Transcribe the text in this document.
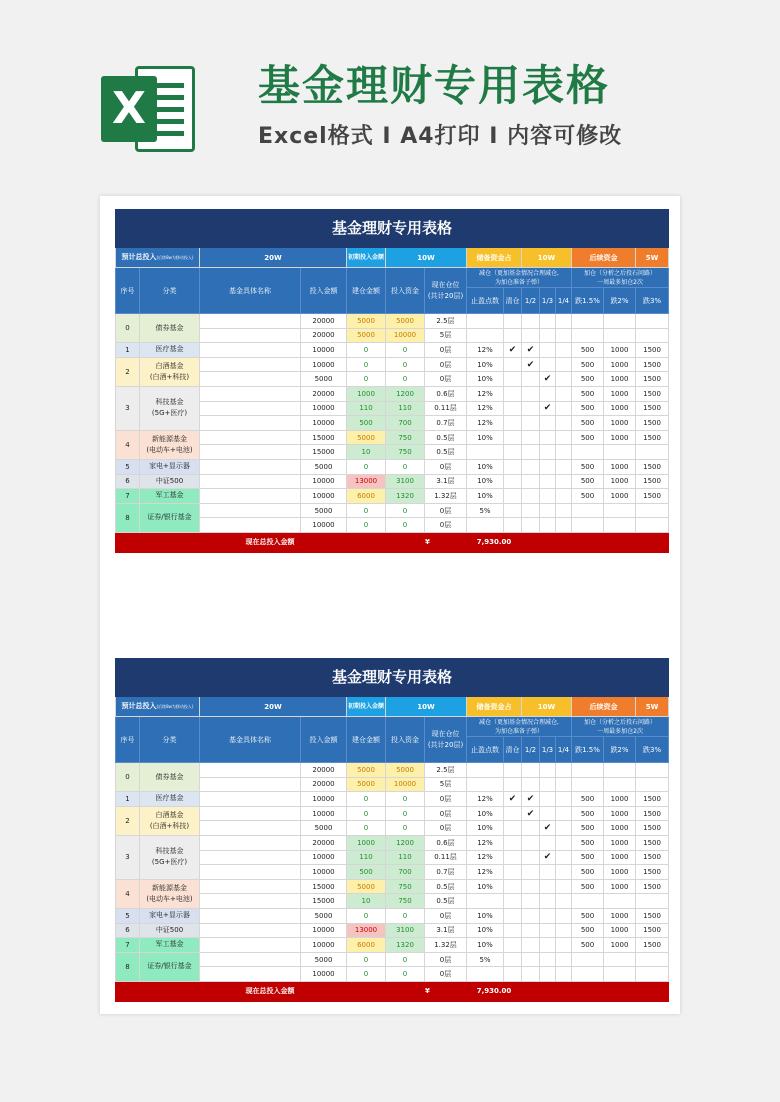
X	基金理财专用表格
Excel格式 Ⅰ A4打印 Ⅰ 内容可修改
基金理财专用表格														
预计总投入(后续8w为移动投入)		20W		初期投入金额	10W		储备资金占		10W			后续资金		5W
序号	分类	基金具体名称	投入金额	建仓金额	投入资金	现在仓位
(共计20层)	减仓（更加基金情况合理减仓,
为加仓准备子弹）					加仓（分析之后投石问路）
一周最多加仓2次		
							止盈点数	清仓	1/2	1/3	1/4	跌1.5%	跌2%	跌3%
0	债券基金		20000	5000	5000	2.5层								
			20000	5000	10000	5层								
1	医疗基金		10000	0	0	0层	12%	✔	✔			500	1000	1500
2	白酒基金
(白酒+科技)		10000	0	0	0层	10%		✔			500	1000	1500
			5000	0	0	0层	10%			✔		500	1000	1500
3	科技基金
(5G+医疗)		20000	1000	1200	0.6层	12%					500	1000	1500
			10000	110	110	0.11层	12%			✔		500	1000	1500
			10000	500	700	0.7层	12%					500	1000	1500
4	新能源基金
(电动车+电池)		15000	5000	750	0.5层	10%					500	1000	1500
			15000	10	750	0.5层								
5	家电+显示器		5000	0	0	0层	10%					500	1000	1500
6	中证500		10000	13000	3100	3.1层	10%					500	1000	1500
7	军工基金		10000	6000	1320	1.32层	10%					500	1000	1500
8	证券/银行基金		5000	0	0	0层	5%							
			10000	0	0	0层								
现在总投入金额						¥	7,930.00							
基金理财专用表格														
预计总投入(后续8w为移动投入)		20W		初期投入金额	10W		储备资金占		10W			后续资金		5W
序号	分类	基金具体名称	投入金额	建仓金额	投入资金	现在仓位
(共计20层)	减仓（更加基金情况合理减仓,
为加仓准备子弹）					加仓（分析之后投石问路）
一周最多加仓2次		
							止盈点数	清仓	1/2	1/3	1/4	跌1.5%	跌2%	跌3%
0	债券基金		20000	5000	5000	2.5层								
			20000	5000	10000	5层								
1	医疗基金		10000	0	0	0层	12%	✔	✔			500	1000	1500
2	白酒基金
(白酒+科技)		10000	0	0	0层	10%		✔			500	1000	1500
			5000	0	0	0层	10%			✔		500	1000	1500
3	科技基金
(5G+医疗)		20000	1000	1200	0.6层	12%					500	1000	1500
			10000	110	110	0.11层	12%			✔		500	1000	1500
			10000	500	700	0.7层	12%					500	1000	1500
4	新能源基金
(电动车+电池)		15000	5000	750	0.5层	10%					500	1000	1500
			15000	10	750	0.5层								
5	家电+显示器		5000	0	0	0层	10%					500	1000	1500
6	中证500		10000	13000	3100	3.1层	10%					500	1000	1500
7	军工基金		10000	6000	1320	1.32层	10%					500	1000	1500
8	证券/银行基金		5000	0	0	0层	5%							
			10000	0	0	0层								
现在总投入金额						¥	7,930.00							
